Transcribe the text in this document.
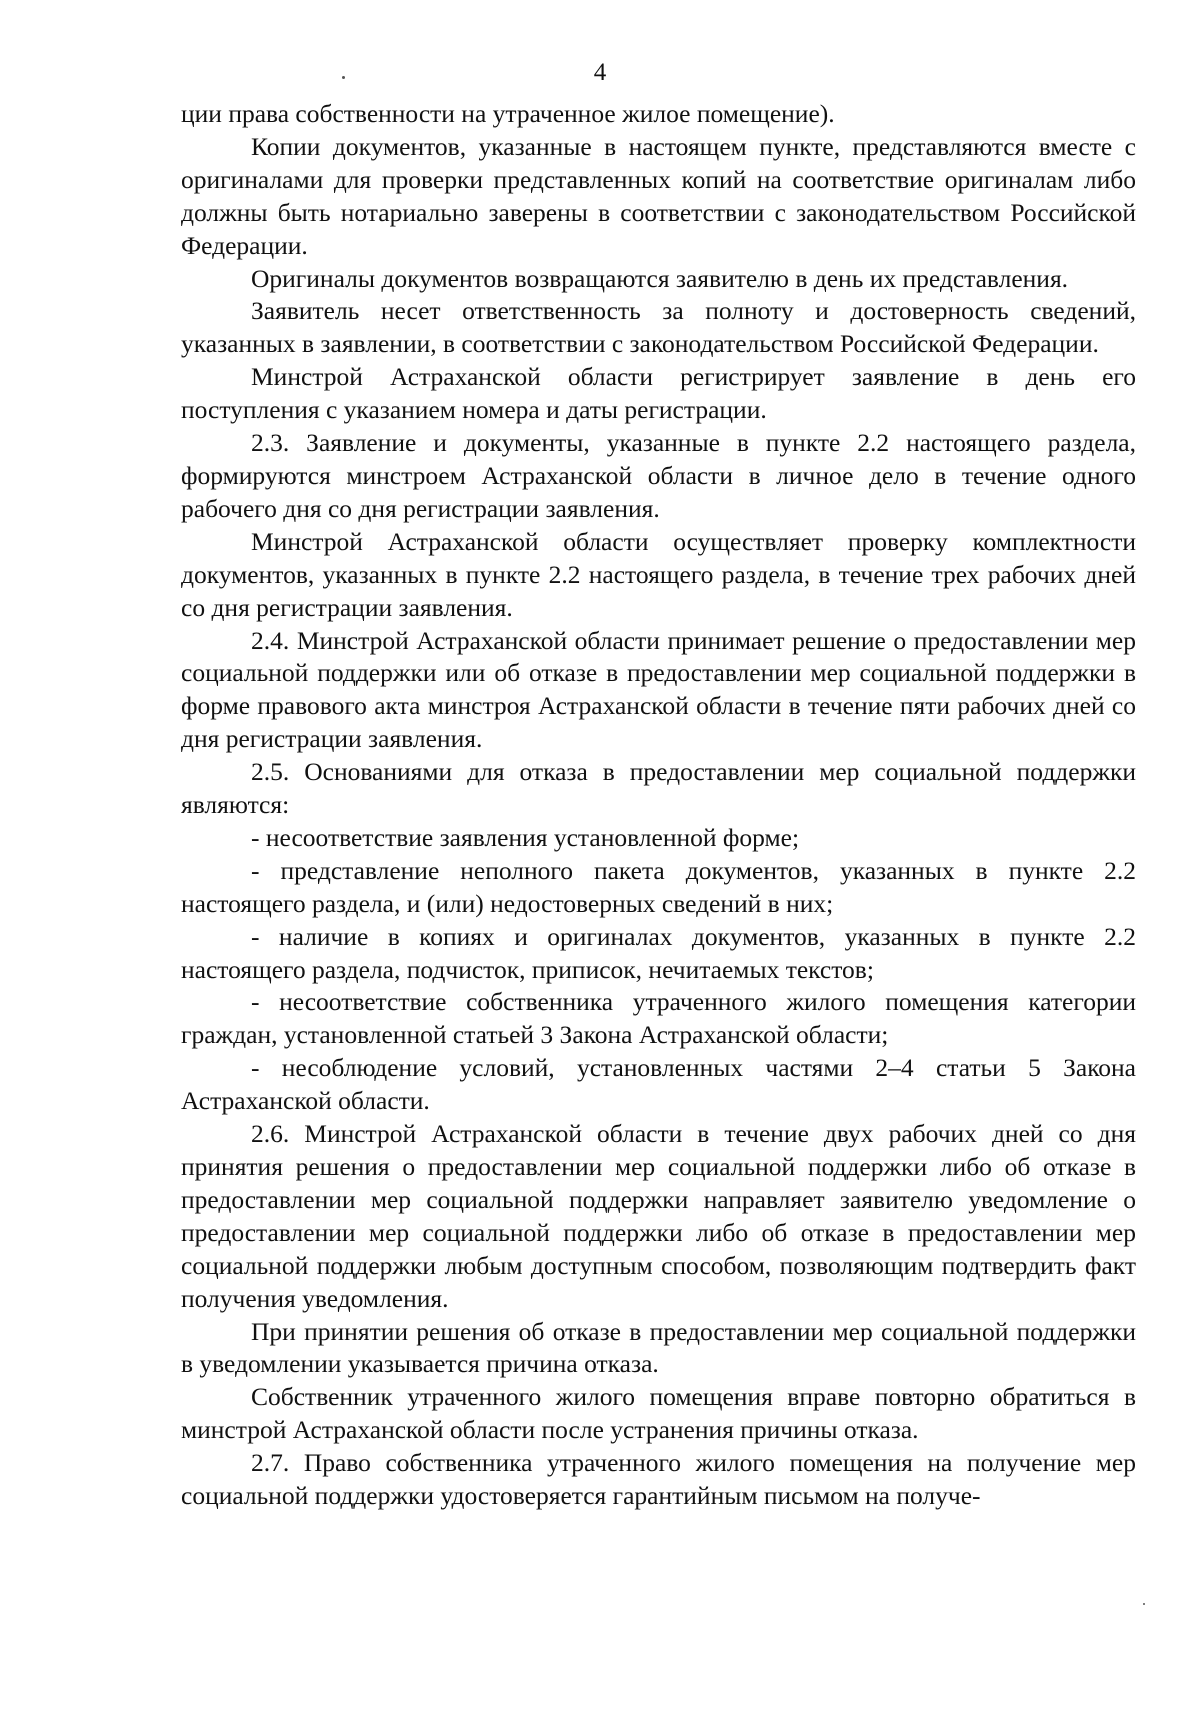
4

ции права собственности на утраченное жилое помещение).

Копии документов, указанные в настоящем пункте, представляются вместе с оригиналами для проверки представленных копий на соответствие оригиналам либо должны быть нотариально заверены в соответствии с законодательством Российской Федерации.

Оригиналы документов возвращаются заявителю в день их представления.

Заявитель несет ответственность за полноту и достоверность сведений, указанных в заявлении, в соответствии с законодательством Российской Федерации.

Минстрой Астраханской области регистрирует заявление в день его поступления с указанием номера и даты регистрации.

2.3. Заявление и документы, указанные в пункте 2.2 настоящего раздела, формируются минстроем Астраханской области в личное дело в течение одного рабочего дня со дня регистрации заявления.

Минстрой Астраханской области осуществляет проверку комплектности документов, указанных в пункте 2.2 настоящего раздела, в течение трех рабочих дней со дня регистрации заявления.

2.4. Минстрой Астраханской области принимает решение о предоставлении мер социальной поддержки или об отказе в предоставлении мер социальной поддержки в форме правового акта минстроя Астраханской области в течение пяти рабочих дней со дня регистрации заявления.

2.5. Основаниями для отказа в предоставлении мер социальной поддержки являются:

- несоответствие заявления установленной форме;

- представление неполного пакета документов, указанных в пункте 2.2 настоящего раздела, и (или) недостоверных сведений в них;

- наличие в копиях и оригиналах документов, указанных в пункте 2.2 настоящего раздела, подчисток, приписок, нечитаемых текстов;

- несоответствие собственника утраченного жилого помещения категории граждан, установленной статьей 3 Закона Астраханской области;

- несоблюдение условий, установленных частями 2–4 статьи 5 Закона Астраханской области.

2.6. Минстрой Астраханской области в течение двух рабочих дней со дня принятия решения о предоставлении мер социальной поддержки либо об отказе в предоставлении мер социальной поддержки направляет заявителю уведомление о предоставлении мер социальной поддержки либо об отказе в предоставлении мер социальной поддержки любым доступным способом, позволяющим подтвердить факт получения уведомления.

При принятии решения об отказе в предоставлении мер социальной поддержки в уведомлении указывается причина отказа.

Собственник утраченного жилого помещения вправе повторно обратиться в минстрой Астраханской области после устранения причины отказа.

2.7. Право собственника утраченного жилого помещения на получение мер социальной поддержки удостоверяется гарантийным письмом на получе-
